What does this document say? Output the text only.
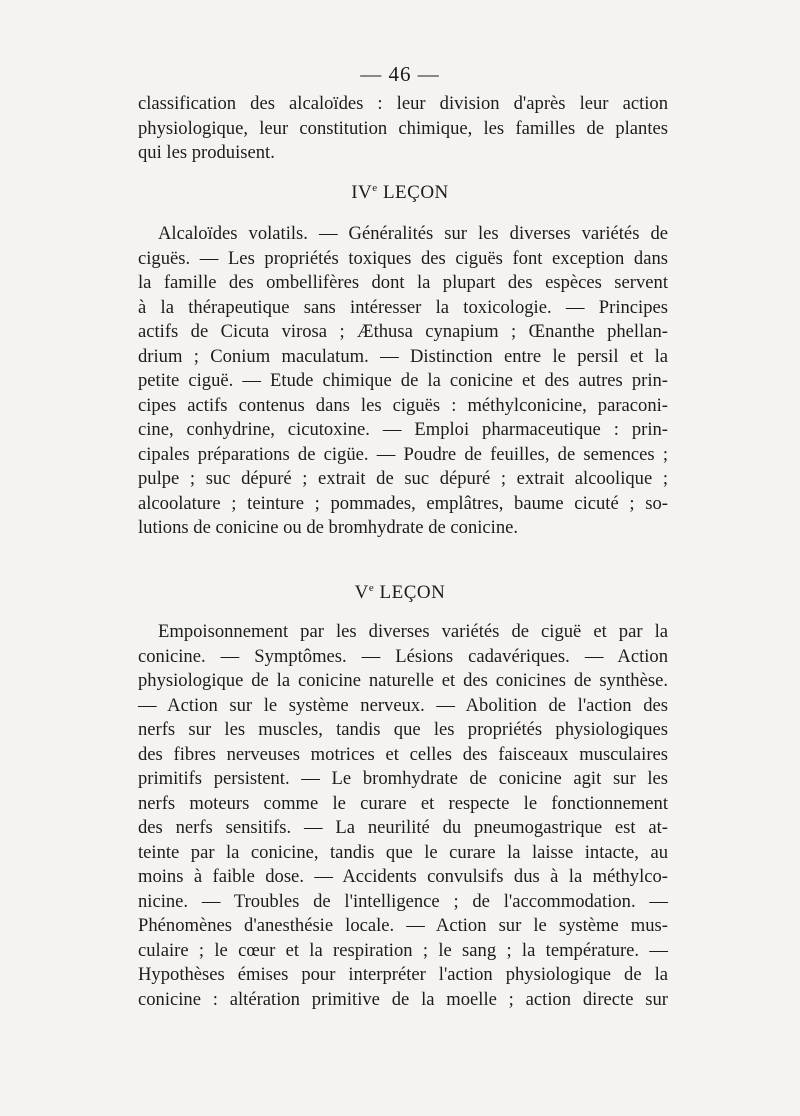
— 46 —

classification des alcaloïdes : leur division d'après leur action
physiologique, leur constitution chimique, les familles de plantes
qui les produisent.

IVe LEÇON

Alcaloïdes volatils. — Généralités sur les diverses variétés de
ciguës. — Les propriétés toxiques des ciguës font exception dans
la famille des ombellifères dont la plupart des espèces servent
à la thérapeutique sans intéresser la toxicologie. — Principes
actifs de Cicuta virosa ; Æthusa cynapium ; Œnanthe phellan-
drium ; Conium maculatum. — Distinction entre le persil et la
petite ciguë. — Etude chimique de la conicine et des autres prin-
cipes actifs contenus dans les ciguës : méthylconicine, paraconi-
cine, conhydrine, cicutoxine. — Emploi pharmaceutique : prin-
cipales préparations de cigüe. — Poudre de feuilles, de semences ;
pulpe ; suc dépuré ; extrait de suc dépuré ; extrait alcoolique ;
alcoolature ; teinture ; pommades, emplâtres, baume cicuté ; so-
lutions de conicine ou de bromhydrate de conicine.

Ve LEÇON

Empoisonnement par les diverses variétés de ciguë et par la
conicine. — Symptômes. — Lésions cadavériques. — Action
physiologique de la conicine naturelle et des conicines de synthèse.
— Action sur le système nerveux. — Abolition de l'action des
nerfs sur les muscles, tandis que les propriétés physiologiques
des fibres nerveuses motrices et celles des faisceaux musculaires
primitifs persistent. — Le bromhydrate de conicine agit sur les
nerfs moteurs comme le curare et respecte le fonctionnement
des nerfs sensitifs. — La neurilité du pneumogastrique est at-
teinte par la conicine, tandis que le curare la laisse intacte, au
moins à faible dose. — Accidents convulsifs dus à la méthylco-
nicine. — Troubles de l'intelligence ; de l'accommodation. —
Phénomènes d'anesthésie locale. — Action sur le système mus-
culaire ; le cœur et la respiration ; le sang ; la température. —
Hypothèses émises pour interpréter l'action physiologique de la
conicine : altération primitive de la moelle ; action directe sur
